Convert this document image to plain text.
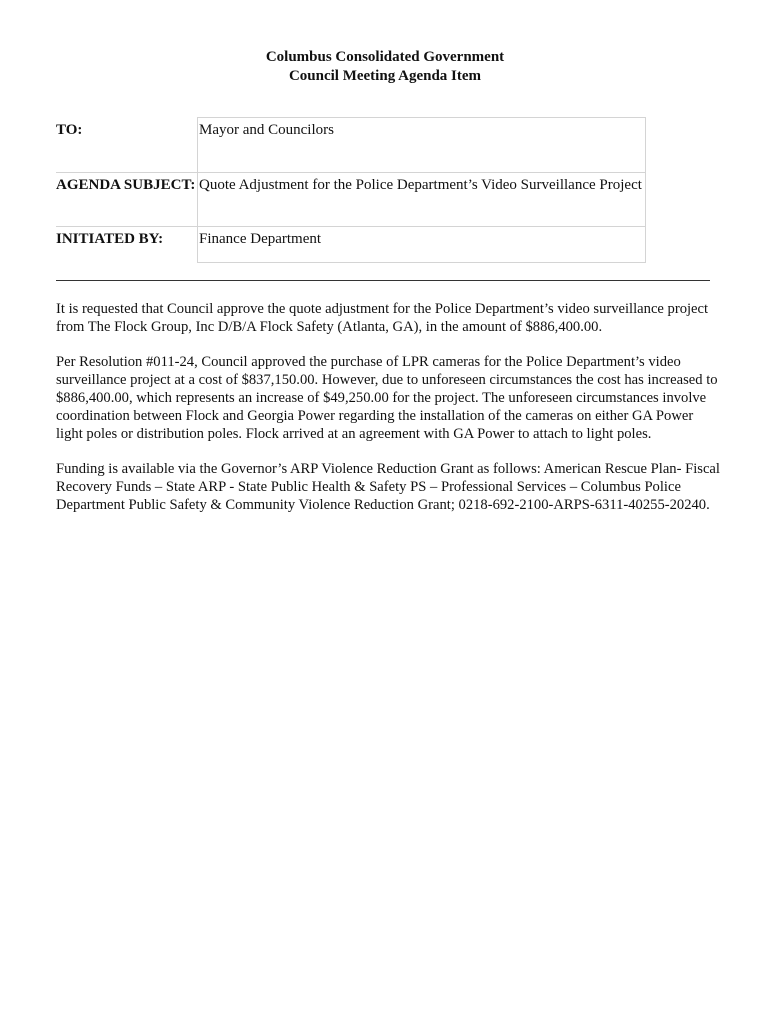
Columbus Consolidated Government
Council Meeting Agenda Item
TO:	Mayor and Councilors
AGENDA SUBJECT:	Quote Adjustment for the Police Department’s Video Surveillance Project
INITIATED BY:	Finance Department

It is requested that Council approve the quote adjustment for the Police Department’s video surveillance project from The Flock Group, Inc D/B/A Flock Safety (Atlanta, GA), in the amount of $886,400.00.

Per Resolution #011-24, Council approved the purchase of LPR cameras for the Police Department’s video surveillance project at a cost of $837,150.00. However, due to unforeseen circumstances the cost has increased to $886,400.00, which represents an increase of $49,250.00 for the project. The unforeseen circumstances involve coordination between Flock and Georgia Power regarding the installation of the cameras on either GA Power light poles or distribution poles. Flock arrived at an agreement with GA Power to attach to light poles.

Funding is available via the Governor’s ARP Violence Reduction Grant as follows: American Rescue Plan- Fiscal Recovery Funds – State ARP - State Public Health & Safety PS – Professional Services – Columbus Police Department Public Safety & Community Violence Reduction Grant; 0218-692-2100-ARPS-6311-40255-20240.
